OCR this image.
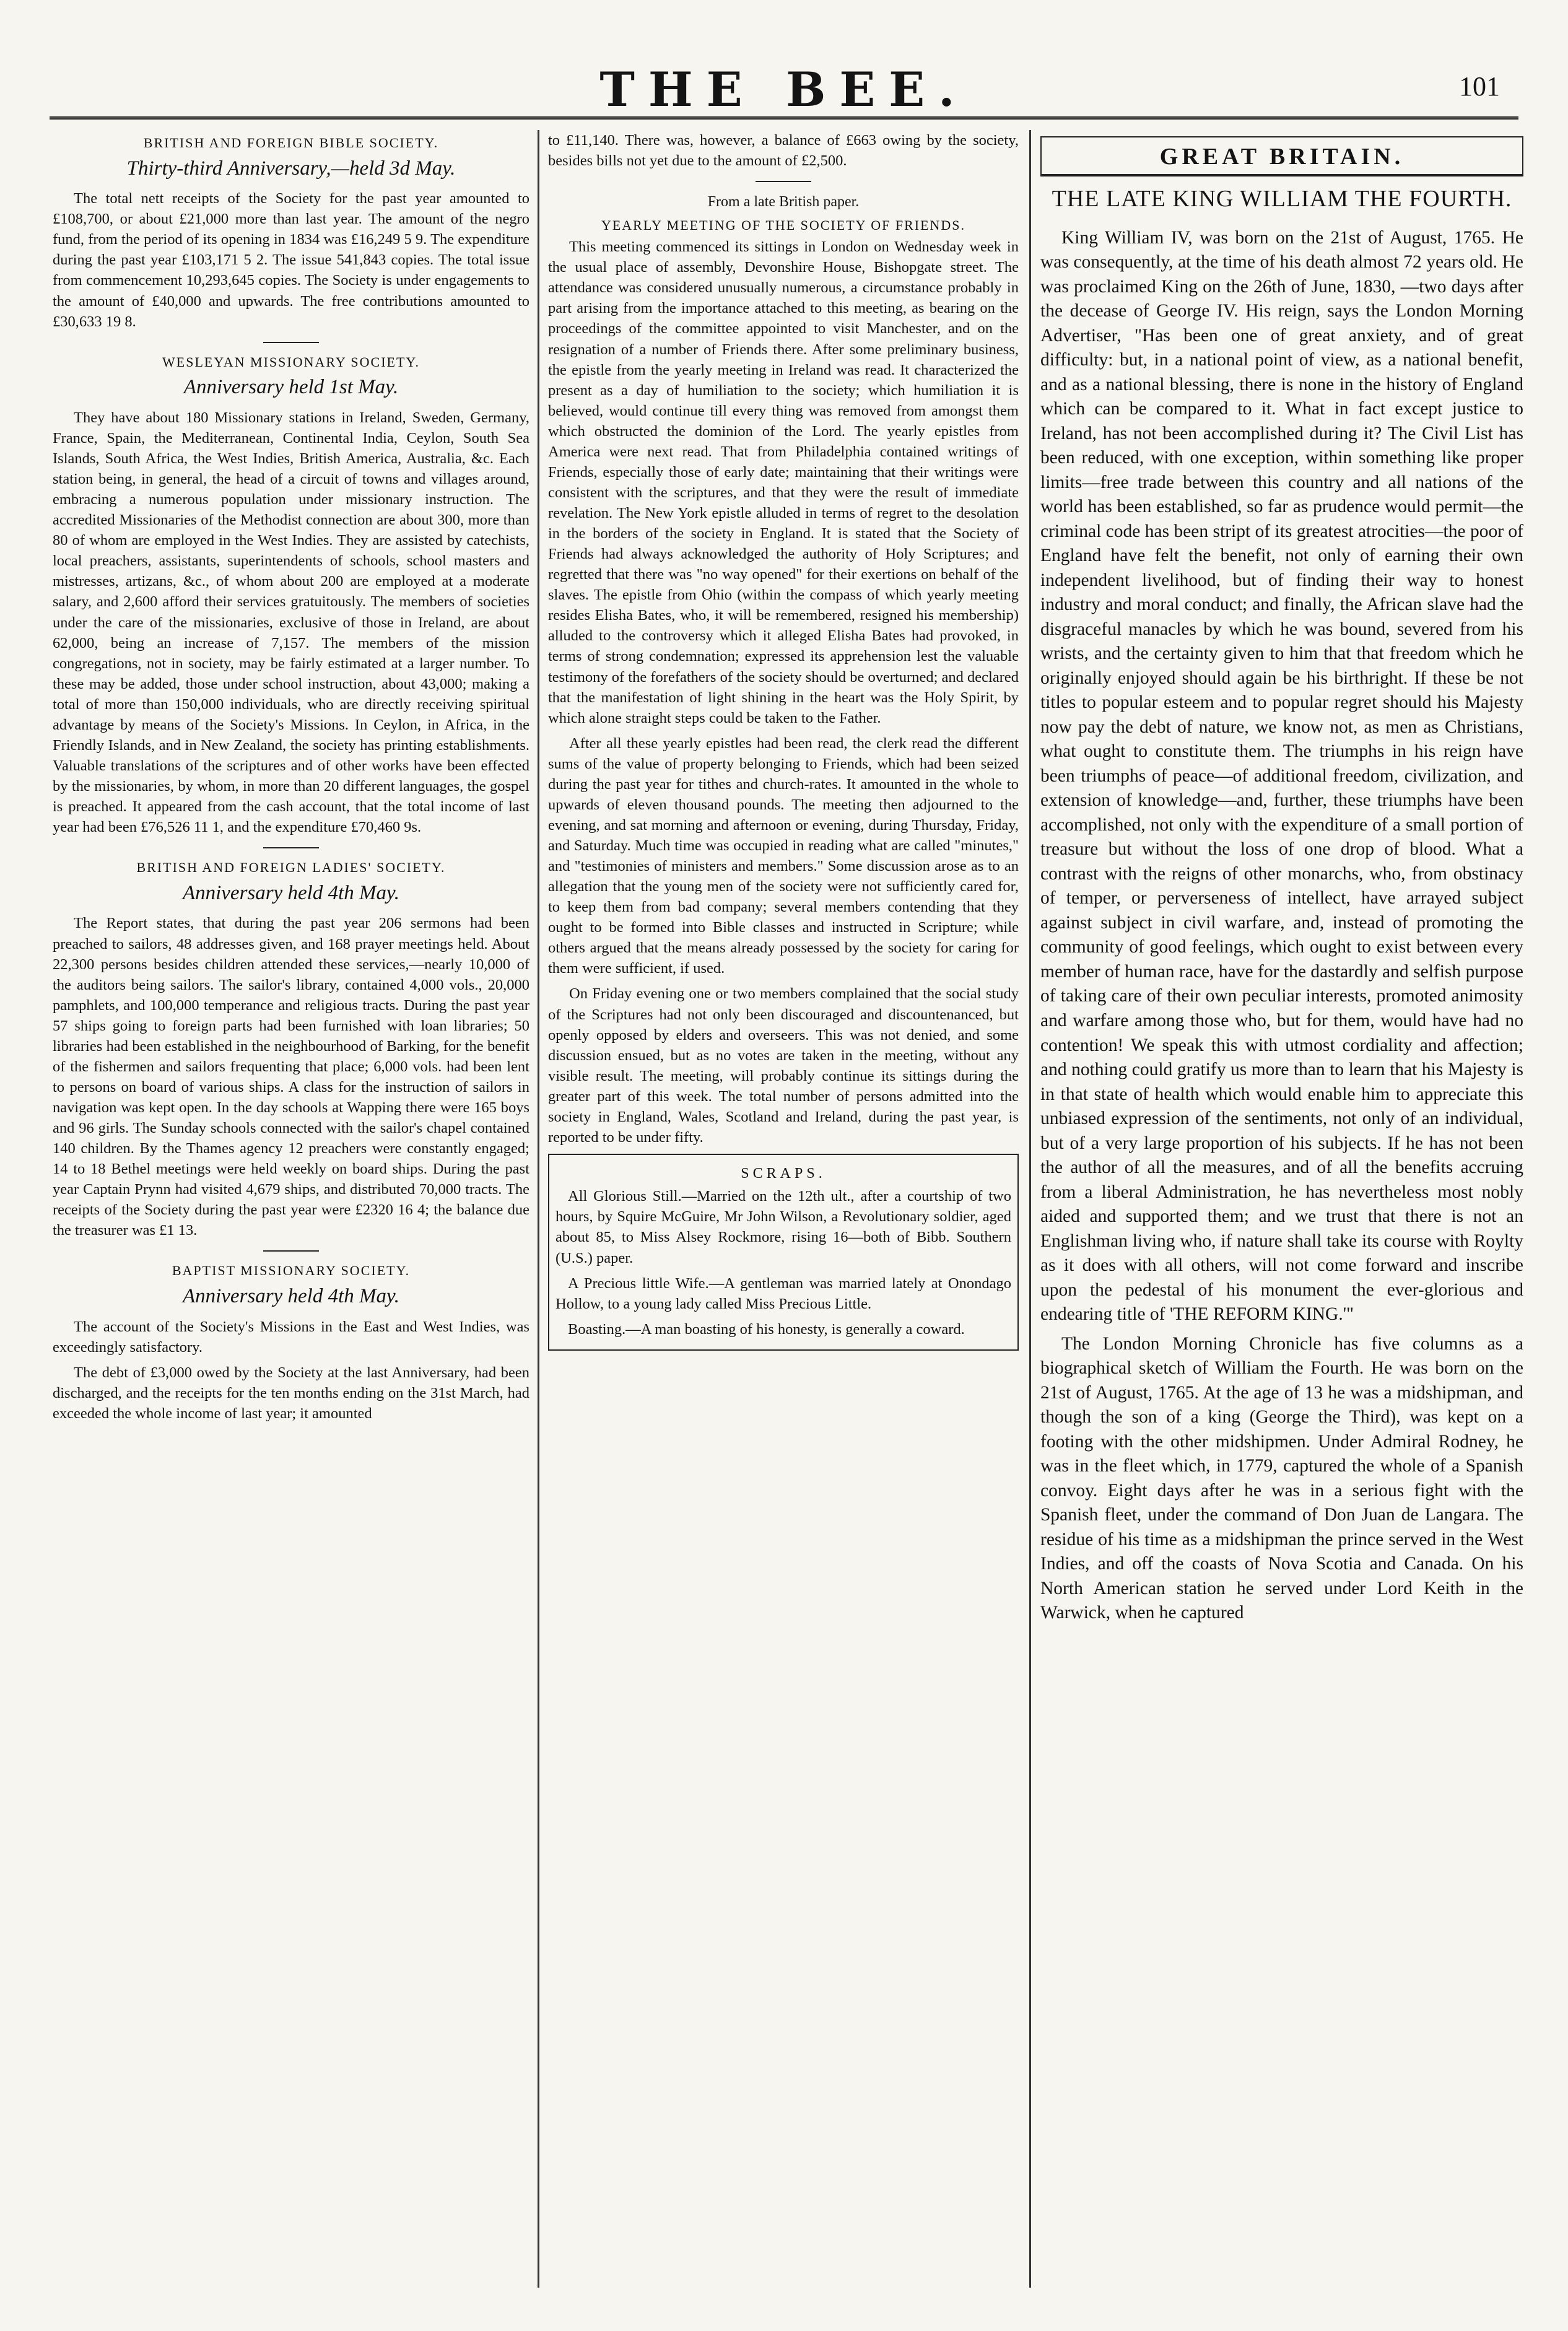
THE BEE.	101
BRITISH AND FOREIGN BIBLE SOCIETY.
Thirty-third Anniversary,—held 3d May.

The total nett receipts of the Society for the past year amounted to £108,700, or about £21,000 more than last year. The amount of the negro fund, from the period of its opening in 1834 was £16,249 5 9. The expenditure during the past year £103,171 5 2. The issue 541,843 copies. The total issue from commencement 10,293,645 copies. The Society is under engagements to the amount of £40,000 and upwards. The free contributions amounted to £30,633 19 8.

WESLEYAN MISSIONARY SOCIETY.
Anniversary held 1st May.

They have about 180 Missionary stations in Ireland, Sweden, Germany, France, Spain, the Mediterranean, Continental India, Ceylon, South Sea Islands, South Africa, the West Indies, British America, Australia, &c. Each station being, in general, the head of a circuit of towns and villages around, embracing a numerous population under missionary instruction. The accredited Missionaries of the Methodist connection are about 300, more than 80 of whom are employed in the West Indies. They are assisted by catechists, local preachers, assistants, superintendents of schools, school masters and mistresses, artizans, &c., of whom about 200 are employed at a moderate salary, and 2,600 afford their services gratuitously. The members of societies under the care of the missionaries, exclusive of those in Ireland, are about 62,000, being an increase of 7,157. The members of the mission congregations, not in society, may be fairly estimated at a larger number. To these may be added, those under school instruction, about 43,000; making a total of more than 150,000 individuals, who are directly receiving spiritual advantage by means of the Society's Missions. In Ceylon, in Africa, in the Friendly Islands, and in New Zealand, the society has printing establishments. Valuable translations of the scriptures and of other works have been effected by the missionaries, by whom, in more than 20 different languages, the gospel is preached. It appeared from the cash account, that the total income of last year had been £76,526 11 1, and the expenditure £70,460 9s.

BRITISH AND FOREIGN LADIES' SOCIETY.
Anniversary held 4th May.

The Report states, that during the past year 206 sermons had been preached to sailors, 48 addresses given, and 168 prayer meetings held. About 22,300 persons besides children attended these services,—nearly 10,000 of the auditors being sailors. The sailor's library, contained 4,000 vols., 20,000 pamphlets, and 100,000 temperance and religious tracts. During the past year 57 ships going to foreign parts had been furnished with loan libraries; 50 libraries had been established in the neighbourhood of Barking, for the benefit of the fishermen and sailors frequenting that place; 6,000 vols. had been lent to persons on board of various ships. A class for the instruction of sailors in navigation was kept open. In the day schools at Wapping there were 165 boys and 96 girls. The Sunday schools connected with the sailor's chapel contained 140 children. By the Thames agency 12 preachers were constantly engaged; 14 to 18 Bethel meetings were held weekly on board ships. During the past year Captain Prynn had visited 4,679 ships, and distributed 70,000 tracts. The receipts of the Society during the past year were £2320 16 4; the balance due the treasurer was £1 13.

BAPTIST MISSIONARY SOCIETY.
Anniversary held 4th May.

The account of the Society's Missions in the East and West Indies, was exceedingly satisfactory.

The debt of £3,000 owed by the Society at the last Anniversary, had been discharged, and the receipts for the ten months ending on the 31st March, had exceeded the whole income of last year; it amounted

to £11,140. There was, however, a balance of £663 owing by the society, besides bills not yet due to the amount of £2,500.

From a late British paper.
YEARLY MEETING OF THE SOCIETY OF FRIENDS.

This meeting commenced its sittings in London on Wednesday week in the usual place of assembly, Devonshire House, Bishopgate street. The attendance was considered unusually numerous, a circumstance probably in part arising from the importance attached to this meeting, as bearing on the proceedings of the committee appointed to visit Manchester, and on the resignation of a number of Friends there. After some preliminary business, the epistle from the yearly meeting in Ireland was read. It characterized the present as a day of humiliation to the society; which humiliation it is believed, would continue till every thing was removed from amongst them which obstructed the dominion of the Lord. The yearly epistles from America were next read. That from Philadelphia contained writings of Friends, especially those of early date; maintaining that their writings were consistent with the scriptures, and that they were the result of immediate revelation. The New York epistle alluded in terms of regret to the desolation in the borders of the society in England. It is stated that the Society of Friends had always acknowledged the authority of Holy Scriptures; and regretted that there was "no way opened" for their exertions on behalf of the slaves. The epistle from Ohio (within the compass of which yearly meeting resides Elisha Bates, who, it will be remembered, resigned his membership) alluded to the controversy which it alleged Elisha Bates had provoked, in terms of strong condemnation; expressed its apprehension lest the valuable testimony of the forefathers of the society should be overturned; and declared that the manifestation of light shining in the heart was the Holy Spirit, by which alone straight steps could be taken to the Father.

After all these yearly epistles had been read, the clerk read the different sums of the value of property belonging to Friends, which had been seized during the past year for tithes and church-rates. It amounted in the whole to upwards of eleven thousand pounds. The meeting then adjourned to the evening, and sat morning and afternoon or evening, during Thursday, Friday, and Saturday. Much time was occupied in reading what are called "minutes," and "testimonies of ministers and members." Some discussion arose as to an allegation that the young men of the society were not sufficiently cared for, to keep them from bad company; several members contending that they ought to be formed into Bible classes and instructed in Scripture; while others argued that the means already possessed by the society for caring for them were sufficient, if used.

On Friday evening one or two members complained that the social study of the Scriptures had not only been discouraged and discountenanced, but openly opposed by elders and overseers. This was not denied, and some discussion ensued, but as no votes are taken in the meeting, without any visible result. The meeting, will probably continue its sittings during the greater part of this week. The total number of persons admitted into the society in England, Wales, Scotland and Ireland, during the past year, is reported to be under fifty.

SCRAPS.

All Glorious Still.—Married on the 12th ult., after a courtship of two hours, by Squire McGuire, Mr John Wilson, a Revolutionary soldier, aged about 85, to Miss Alsey Rockmore, rising 16—both of Bibb. Southern (U.S.) paper.

A Precious little Wife.—A gentleman was married lately at Onondago Hollow, to a young lady called Miss Precious Little.

Boasting.—A man boasting of his honesty, is generally a coward.

GREAT BRITAIN.
THE LATE KING WILLIAM THE FOURTH.

King William IV, was born on the 21st of August, 1765. He was consequently, at the time of his death almost 72 years old. He was proclaimed King on the 26th of June, 1830, —two days after the decease of George IV. His reign, says the London Morning Advertiser, "Has been one of great anxiety, and of great difficulty: but, in a national point of view, as a national benefit, and as a national blessing, there is none in the history of England which can be compared to it. What in fact except justice to Ireland, has not been accomplished during it? The Civil List has been reduced, with one exception, within something like proper limits—free trade between this country and all nations of the world has been established, so far as prudence would permit—the criminal code has been stript of its greatest atrocities—the poor of England have felt the benefit, not only of earning their own independent livelihood, but of finding their way to honest industry and moral conduct; and finally, the African slave had the disgraceful manacles by which he was bound, severed from his wrists, and the certainty given to him that that freedom which he originally enjoyed should again be his birthright. If these be not titles to popular esteem and to popular regret should his Majesty now pay the debt of nature, we know not, as men as Christians, what ought to constitute them. The triumphs in his reign have been triumphs of peace—of additional freedom, civilization, and extension of knowledge—and, further, these triumphs have been accomplished, not only with the expenditure of a small portion of treasure but without the loss of one drop of blood. What a contrast with the reigns of other monarchs, who, from obstinacy of temper, or perverseness of intellect, have arrayed subject against subject in civil warfare, and, instead of promoting the community of good feelings, which ought to exist between every member of human race, have for the dastardly and selfish purpose of taking care of their own peculiar interests, promoted animosity and warfare among those who, but for them, would have had no contention! We speak this with utmost cordiality and affection; and nothing could gratify us more than to learn that his Majesty is in that state of health which would enable him to appreciate this unbiased expression of the sentiments, not only of an individual, but of a very large proportion of his subjects. If he has not been the author of all the measures, and of all the benefits accruing from a liberal Administration, he has nevertheless most nobly aided and supported them; and we trust that there is not an Englishman living who, if nature shall take its course with Roylty as it does with all others, will not come forward and inscribe upon the pedestal of his monument the ever-glorious and endearing title of 'THE REFORM KING.'"

The London Morning Chronicle has five columns as a biographical sketch of William the Fourth. He was born on the 21st of August, 1765. At the age of 13 he was a midshipman, and though the son of a king (George the Third), was kept on a footing with the other midshipmen. Under Admiral Rodney, he was in the fleet which, in 1779, captured the whole of a Spanish convoy. Eight days after he was in a serious fight with the Spanish fleet, under the command of Don Juan de Langara. The residue of his time as a midshipman the prince served in the West Indies, and off the coasts of Nova Scotia and Canada. On his North American station he served under Lord Keith in the Warwick, when he captured
